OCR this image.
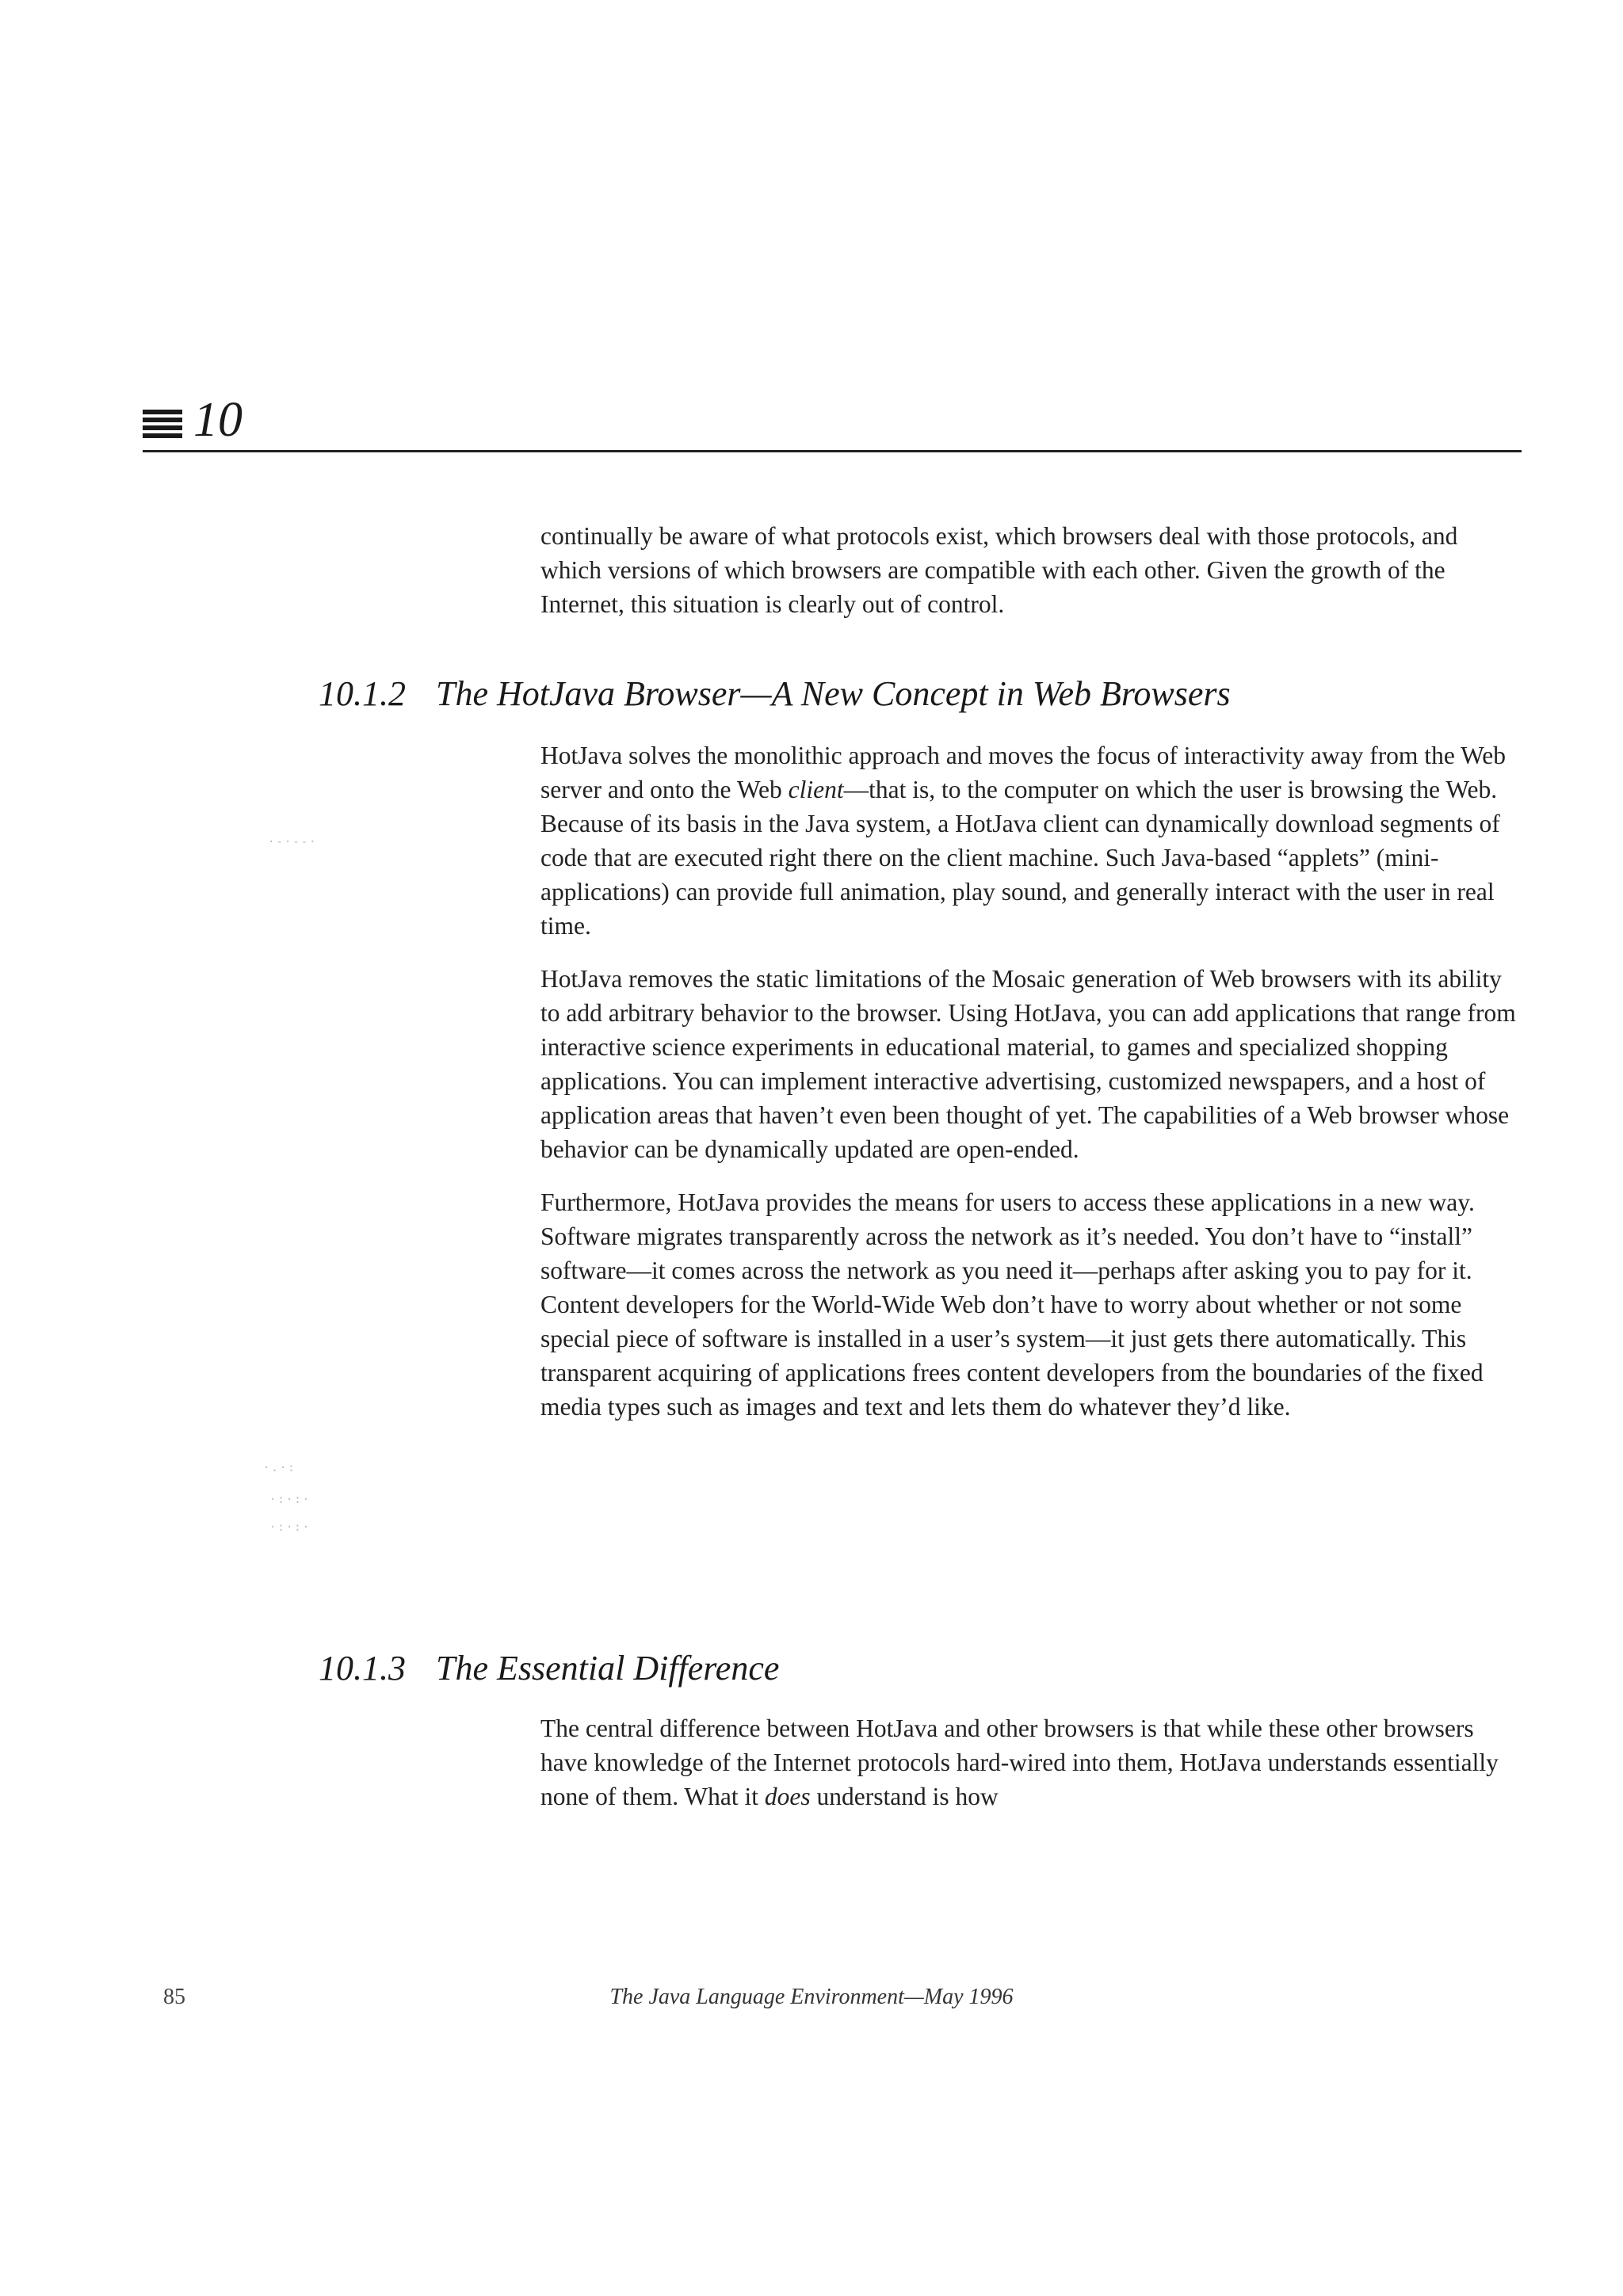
10

continually be aware of what protocols exist, which browsers deal with those protocols, and which versions of which browsers are compatible with each other. Given the growth of the Internet, this situation is clearly out of control.

10.1.2 The HotJava Browser—A New Concept in Web Browsers

HotJava solves the monolithic approach and moves the focus of interactivity away from the Web server and onto the Web client—that is, to the computer on which the user is browsing the Web. Because of its basis in the Java system, a HotJava client can dynamically download segments of code that are executed right there on the client machine. Such Java-based “applets” (mini-applications) can provide full animation, play sound, and generally interact with the user in real time.

HotJava removes the static limitations of the Mosaic generation of Web browsers with its ability to add arbitrary behavior to the browser. Using HotJava, you can add applications that range from interactive science experiments in educational material, to games and specialized shopping applications. You can implement interactive advertising, customized newspapers, and a host of application areas that haven’t even been thought of yet. The capabilities of a Web browser whose behavior can be dynamically updated are open-ended.

Furthermore, HotJava provides the means for users to access these applications in a new way. Software migrates transparently across the network as it’s needed. You don’t have to “install” software—it comes across the network as you need it—perhaps after asking you to pay for it. Content developers for the World-Wide Web don’t have to worry about whether or not some special piece of software is installed in a user’s system—it just gets there automatically. This transparent acquiring of applications frees content developers from the boundaries of the fixed media types such as images and text and lets them do whatever they’d like.

10.1.3 The Essential Difference

The central difference between HotJava and other browsers is that while these other browsers have knowledge of the Internet protocols hard-wired into them, HotJava understands essentially none of them. What it does understand is how

·-·--·
·.·:
·:·:·
·:·:·
85	The Java Language Environment—May 1996
